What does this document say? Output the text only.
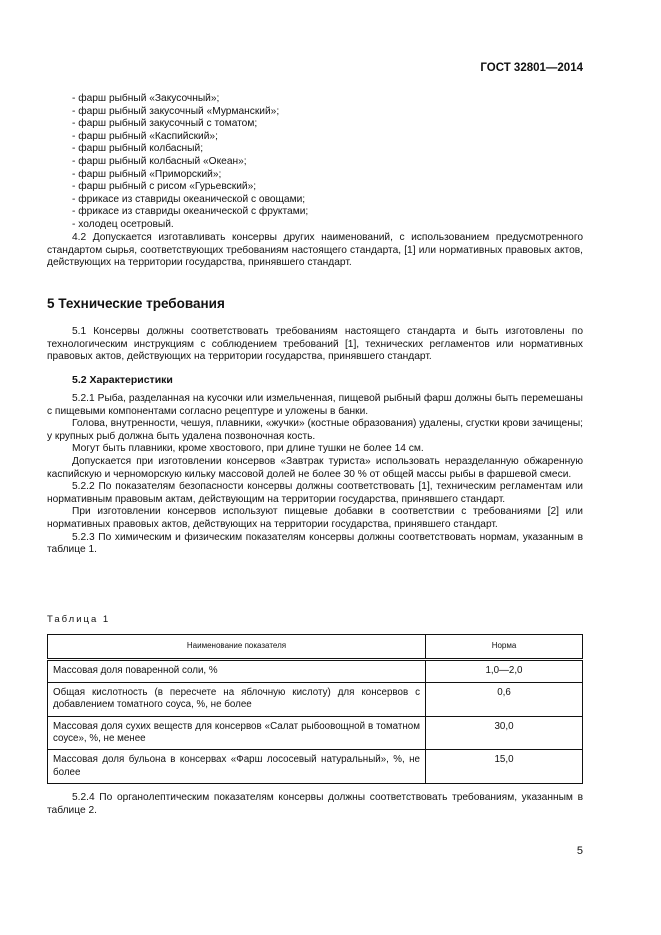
ГОСТ 32801—2014
- фарш рыбный «Закусочный»;
- фарш рыбный закусочный «Мурманский»;
- фарш рыбный закусочный с томатом;
- фарш рыбный «Каспийский»;
- фарш рыбный колбасный;
- фарш рыбный колбасный «Океан»;
- фарш рыбный «Приморский»;
- фарш рыбный с рисом «Гурьевский»;
- фрикасе из ставриды океанической с овощами;
- фрикасе из ставриды океанической с фруктами;
- холодец осетровый.
4.2 Допускается изготавливать консервы других наименований, с использованием предусмотренного стандартом сырья, соответствующих требованиям настоящего стандарта, [1] или нормативных правовых актов, действующих на территории государства, принявшего стандарт.
5 Технические требования
5.1 Консервы должны соответствовать требованиям настоящего стандарта и быть изготовлены по технологическим инструкциям с соблюдением требований [1], технических регламентов или нормативных правовых актов, действующих на территории государства, принявшего стандарт.
5.2 Характеристики
5.2.1 Рыба, разделанная на кусочки или измельченная, пищевой рыбный фарш должны быть перемешаны с пищевыми компонентами согласно рецептуре и уложены в банки.
Голова, внутренности, чешуя, плавники, «жучки» (костные образования) удалены, сгустки крови зачищены; у крупных рыб должна быть удалена позвоночная кость.
Могут быть плавники, кроме хвостового, при длине тушки не более 14 см.
Допускается при изготовлении консервов «Завтрак туриста» использовать неразделанную обжаренную каспийскую и черноморскую кильку массовой долей не более 30 % от общей массы рыбы в фаршевой смеси.
5.2.2 По показателям безопасности консервы должны соответствовать [1], техническим регламентам или нормативным правовым актам, действующим на территории государства, принявшего стандарт.
При изготовлении консервов используют пищевые добавки в соответствии с требованиями [2] или нормативных правовых актов, действующих на территории государства, принявшего стандарт.
5.2.3 По химическим и физическим показателям консервы должны соответствовать нормам, указанным в таблице 1.
Таблица 1
Наименование показателя	Норма
Массовая доля поваренной соли, %	1,0—2,0
Общая кислотность (в пересчете на яблочную кислоту) для консервов с добавлением томатного соуса, %, не более	0,6
Массовая доля сухих веществ для консервов «Салат рыбоовощной в томатном соусе», %, не менее	30,0
Массовая доля бульона в консервах «Фарш лососевый натуральный», %, не более	15,0
5.2.4 По органолептическим показателям консервы должны соответствовать требованиям, указанным в таблице 2.
5
